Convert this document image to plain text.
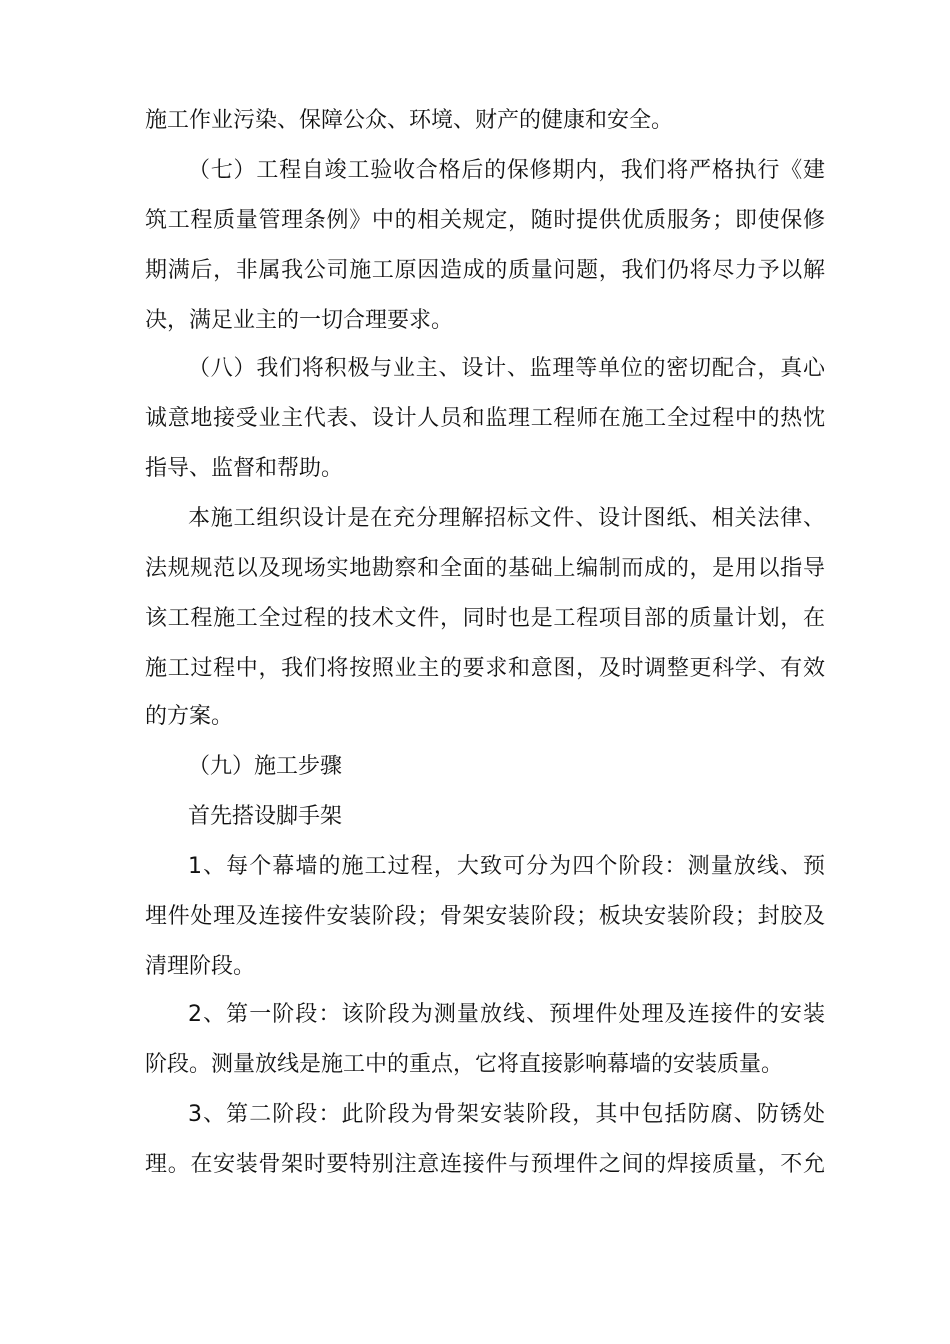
施工作业污染、保障公众、环境、财产的健康和安全。
（七）工程自竣工验收合格后的保修期内，我们将严格执行《建
筑工程质量管理条例》中的相关规定，随时提供优质服务；即使保修
期满后，非属我公司施工原因造成的质量问题，我们仍将尽力予以解
决，满足业主的一切合理要求。
（八）我们将积极与业主、设计、监理等单位的密切配合，真心
诚意地接受业主代表、设计人员和监理工程师在施工全过程中的热忱
指导、监督和帮助。
本施工组织设计是在充分理解招标文件、设计图纸、相关法律、
法规规范以及现场实地勘察和全面的基础上编制而成的，是用以指导
该工程施工全过程的技术文件，同时也是工程项目部的质量计划，在
施工过程中，我们将按照业主的要求和意图，及时调整更科学、有效
的方案。
（九）施工步骤
首先搭设脚手架
1、每个幕墙的施工过程，大致可分为四个阶段：测量放线、预
埋件处理及连接件安装阶段；骨架安装阶段；板块安装阶段；封胶及
清理阶段。
2、第一阶段：该阶段为测量放线、预埋件处理及连接件的安装
阶段。测量放线是施工中的重点，它将直接影响幕墙的安装质量。
3、第二阶段：此阶段为骨架安装阶段，其中包括防腐、防锈处
理。在安装骨架时要特别注意连接件与预埋件之间的焊接质量，不允
